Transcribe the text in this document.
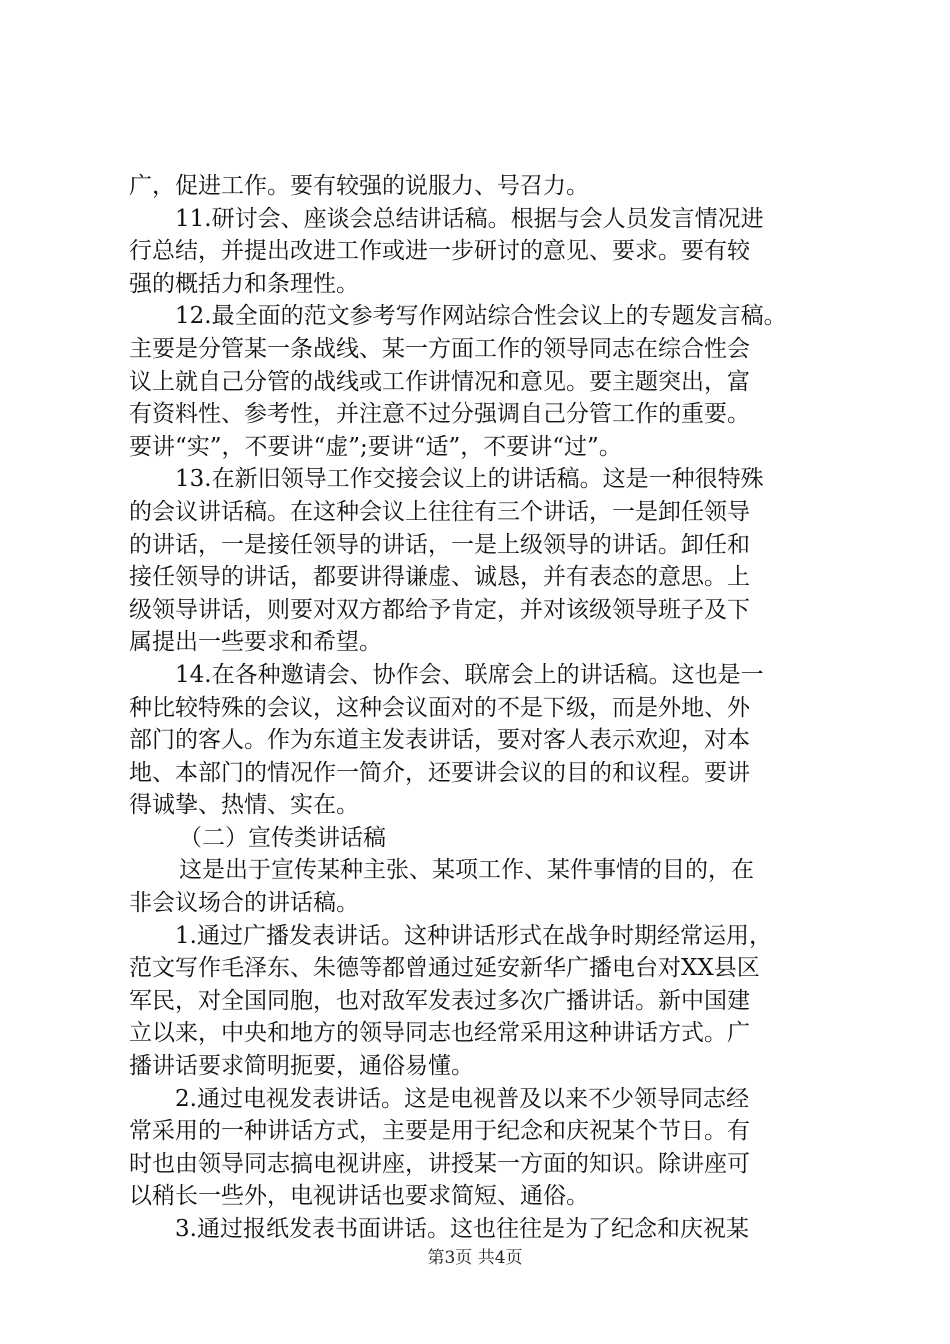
广，促进工作。要有较强的说服力、号召力。
11.研讨会、座谈会总结讲话稿。根据与会人员发言情况进
行总结，并提出改进工作或进一步研讨的意见、要求。要有较
强的概括力和条理性。
12.最全面的范文参考写作网站综合性会议上的专题发言稿。
主要是分管某一条战线、某一方面工作的领导同志在综合性会
议上就自己分管的战线或工作讲情况和意见。要主题突出，富
有资料性、参考性，并注意不过分强调自己分管工作的重要。
要讲“实”，不要讲“虚”;要讲“适”，不要讲“过”。
13.在新旧领导工作交接会议上的讲话稿。这是一种很特殊
的会议讲话稿。在这种会议上往往有三个讲话，一是卸任领导
的讲话，一是接任领导的讲话，一是上级领导的讲话。卸任和
接任领导的讲话，都要讲得谦虚、诚恳，并有表态的意思。上
级领导讲话，则要对双方都给予肯定，并对该级领导班子及下
属提出一些要求和希望。
14.在各种邀请会、协作会、联席会上的讲话稿。这也是一
种比较特殊的会议，这种会议面对的不是下级，而是外地、外
部门的客人。作为东道主发表讲话，要对客人表示欢迎，对本
地、本部门的情况作一简介，还要讲会议的目的和议程。要讲
得诚挚、热情、实在。
（二）宣传类讲话稿
这是出于宣传某种主张、某项工作、某件事情的目的，在
非会议场合的讲话稿。
1.通过广播发表讲话。这种讲话形式在战争时期经常运用，
范文写作毛泽东、朱德等都曾通过延安新华广播电台对XX县区
军民，对全国同胞，也对敌军发表过多次广播讲话。新中国建
立以来，中央和地方的领导同志也经常采用这种讲话方式。广
播讲话要求简明扼要，通俗易懂。
2.通过电视发表讲话。这是电视普及以来不少领导同志经
常采用的一种讲话方式，主要是用于纪念和庆祝某个节日。有
时也由领导同志搞电视讲座，讲授某一方面的知识。除讲座可
以稍长一些外，电视讲话也要求简短、通俗。
3.通过报纸发表书面讲话。这也往往是为了纪念和庆祝某
第3页 共4页
